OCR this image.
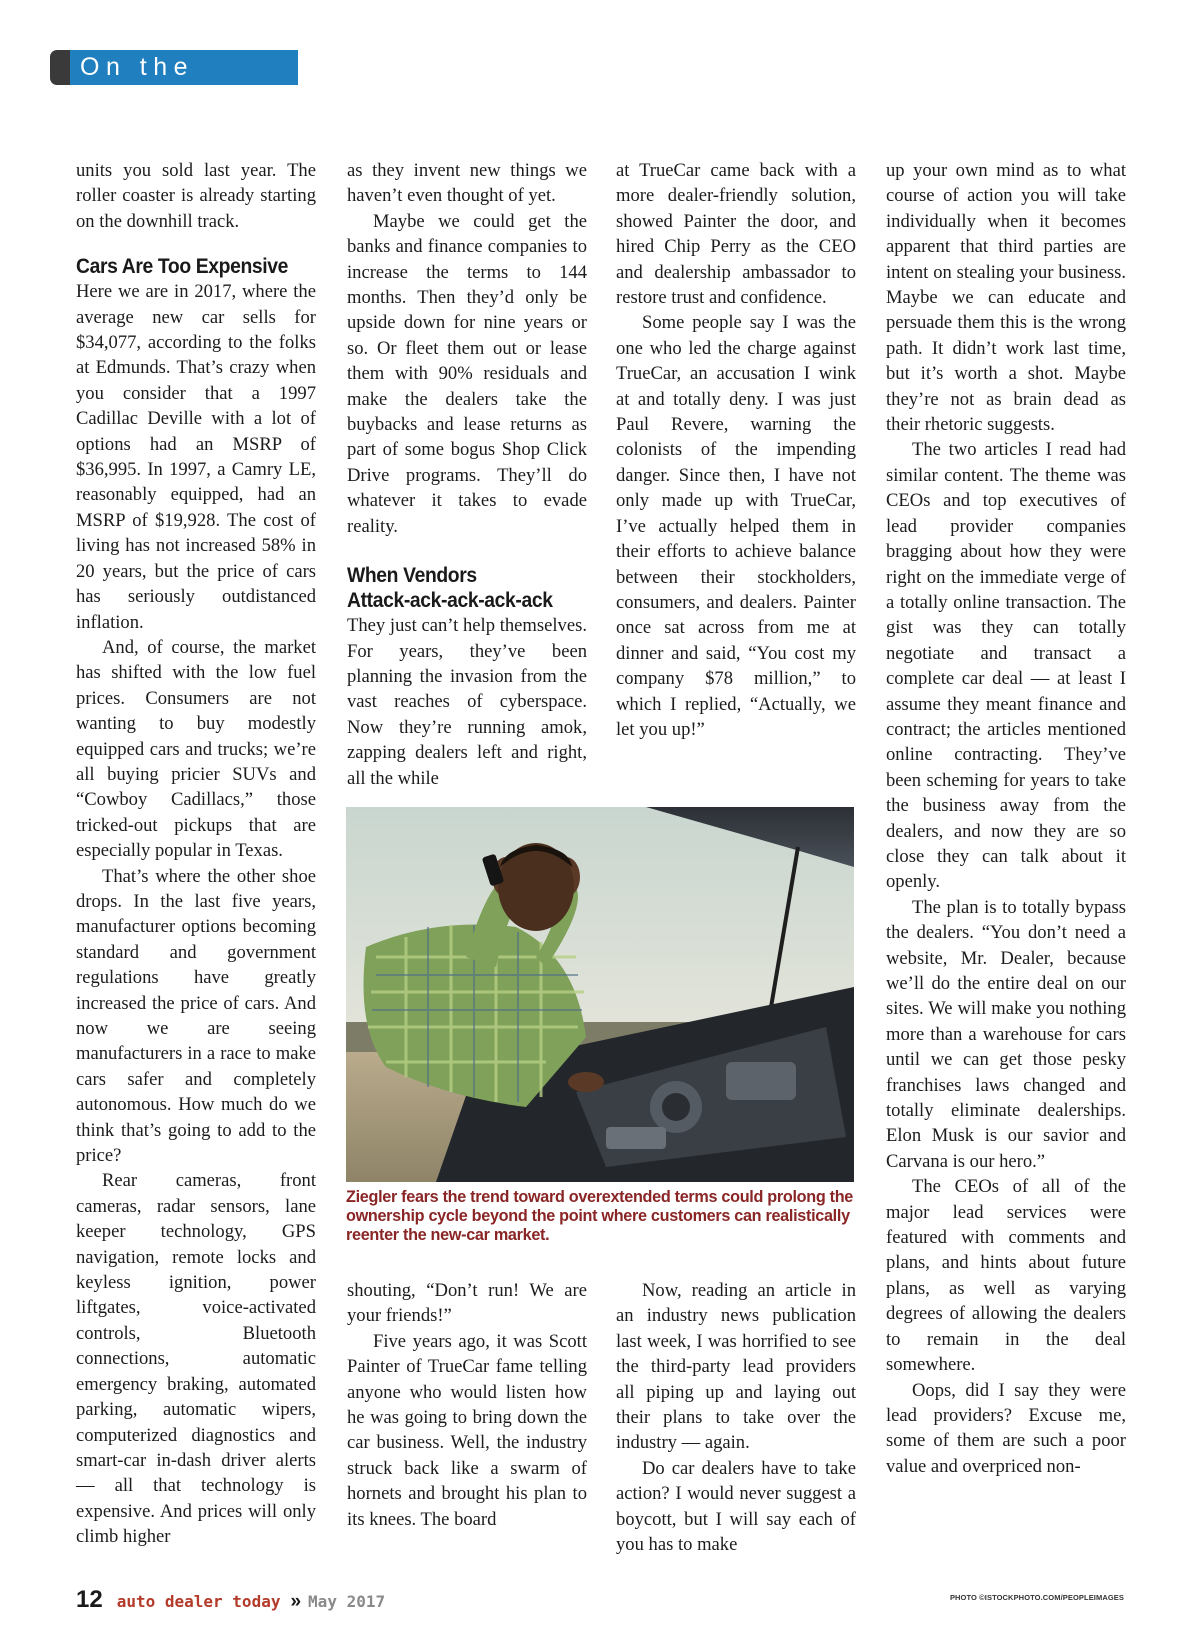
On the Point

units you sold last year. The roller coaster is already starting on the downhill track.

Cars Are Too Expensive

Here we are in 2017, where the average new car sells for $34,077, according to the folks at Edmunds. That’s crazy when you consider that a 1997 Cadillac Deville with a lot of options had an MSRP of $36,995. In 1997, a Camry LE, reasonably equipped, had an MSRP of $19,928. The cost of living has not increased 58% in 20 years, but the price of cars has seriously outdistanced inflation.

And, of course, the market has shifted with the low fuel prices. Consumers are not wanting to buy modestly equipped cars and trucks; we’re all buying pricier SUVs and “Cowboy Cadillacs,” those tricked-out pickups that are especially popular in Texas.

That’s where the other shoe drops. In the last five years, manufacturer options becoming standard and government regulations have greatly increased the price of cars. And now we are seeing manufacturers in a race to make cars safer and completely autonomous. How much do we think that’s going to add to the price?

Rear cameras, front cameras, radar sensors, lane keeper technology, GPS navigation, remote locks and keyless ignition, power liftgates, voice-activated controls, Bluetooth connections, automatic emergency braking, automated parking, automatic wipers, computerized diagnostics and smart-car in-dash driver alerts — all that technology is expensive. And prices will only climb higher

as they invent new things we haven’t even thought of yet.

Maybe we could get the banks and finance companies to increase the terms to 144 months. Then they’d only be upside down for nine years or so. Or fleet them out or lease them with 90% residuals and make the dealers take the buybacks and lease returns as part of some bogus Shop Click Drive programs. They’ll do whatever it takes to evade reality.

When Vendors
Attack-ack-ack-ack-ack

They just can’t help themselves. For years, they’ve been planning the invasion from the vast reaches of cyberspace. Now they’re running amok, zapping dealers left and right, all the while

at TrueCar came back with a more dealer-friendly solution, showed Painter the door, and hired Chip Perry as the CEO and dealership ambassador to restore trust and confidence.

Some people say I was the one who led the charge against TrueCar, an accusation I wink at and totally deny. I was just Paul Revere, warning the colonists of the impending danger. Since then, I have not only made up with TrueCar, I’ve actually helped them in their efforts to achieve balance between their stockholders, consumers, and dealers. Painter once sat across from me at dinner and said, “You cost my company $78 million,” to which I replied, “Actually, we let you up!”

up your own mind as to what course of action you will take individually when it becomes apparent that third parties are intent on stealing your business. Maybe we can educate and persuade them this is the wrong path. It didn’t work last time, but it’s worth a shot. Maybe they’re not as brain dead as their rhetoric suggests.

The two articles I read had similar content. The theme was CEOs and top executives of lead provider companies bragging about how they were right on the immediate verge of a totally online transaction. The gist was they can totally negotiate and transact a complete car deal — at least I assume they meant finance and contract; the articles mentioned online contracting. They’ve been scheming for years to take the business away from the dealers, and now they are so close they can talk about it openly.

The plan is to totally bypass the dealers. “You don’t need a website, Mr. Dealer, because we’ll do the entire deal on our sites. We will make you nothing more than a warehouse for cars until we can get those pesky franchises laws changed and totally eliminate dealerships. Elon Musk is our savior and Carvana is our hero.”

The CEOs of all of the major lead services were featured with comments and plans, and hints about future plans, as well as varying degrees of allowing the dealers to remain in the deal somewhere.

Oops, did I say they were lead providers? Excuse me, some of them are such a poor value and overpriced non-

Ziegler fears the trend toward overextended terms could prolong the ownership cycle beyond the point where customers can realistically reenter the new-car market.

shouting, “Don’t run! We are your friends!”

Five years ago, it was Scott Painter of TrueCar fame telling anyone who would listen how he was going to bring down the car business. Well, the industry struck back like a swarm of hornets and brought his plan to its knees. The board

Now, reading an article in an industry news publication last week, I was horrified to see the third-party lead providers all piping up and laying out their plans to take over the industry — again.

Do car dealers have to take action? I would never suggest a boycott, but I will say each of you has to make

12 auto dealer today » May 2017	PHOTO ©ISTOCKPHOTO.COM/PEOPLEIMAGES
